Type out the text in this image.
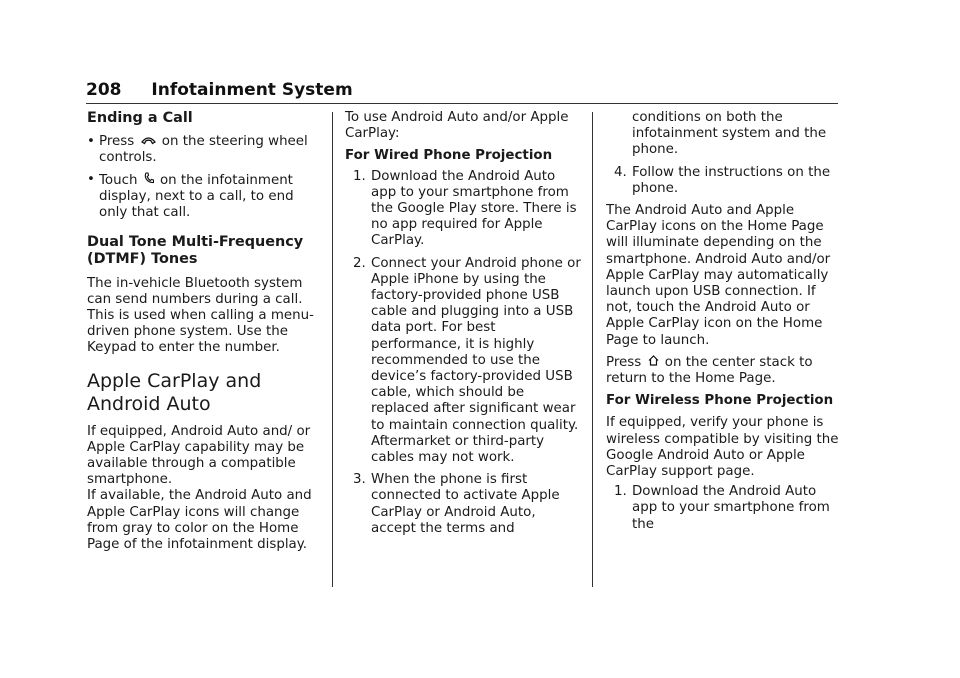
208 Infotainment System
Ending a Call
• Press on the steering wheel controls.
• Touch on the infotainment display, next to a call, to end only that call.
Dual Tone Multi-Frequency (DTMF) Tones

The in-vehicle Bluetooth system can send numbers during a call. This is used when calling a menu-driven phone system. Use the Keypad to enter the number.

Apple CarPlay and Android Auto

If equipped, Android Auto and/ or Apple CarPlay capability may be available through a compatible smartphone.

If available, the Android Auto and Apple CarPlay icons will change from gray to color on the Home Page of the infotainment display.

To use Android Auto and/or Apple CarPlay:

For Wired Phone Projection

1. Download the Android Auto app to your smartphone from the Google Play store. There is no app required for Apple CarPlay.
2. Connect your Android phone or Apple iPhone by using the factory-provided phone USB cable and plugging into a USB data port. For best performance, it is highly recommended to use the device’s factory-provided USB cable, which should be replaced after significant wear to maintain connection quality. Aftermarket or third-party cables may not work.
3. When the phone is first connected to activate Apple CarPlay or Android Auto, accept the terms and
conditions on both the infotainment system and the phone.
4. Follow the instructions on the phone.

The Android Auto and Apple CarPlay icons on the Home Page will illuminate depending on the smartphone. Android Auto and/or Apple CarPlay may automatically launch upon USB connection. If not, touch the Android Auto or Apple CarPlay icon on the Home Page to launch.

Press on the center stack to return to the Home Page.

For Wireless Phone Projection

If equipped, verify your phone is wireless compatible by visiting the Google Android Auto or Apple CarPlay support page.

1. Download the Android Auto app to your smartphone from the
